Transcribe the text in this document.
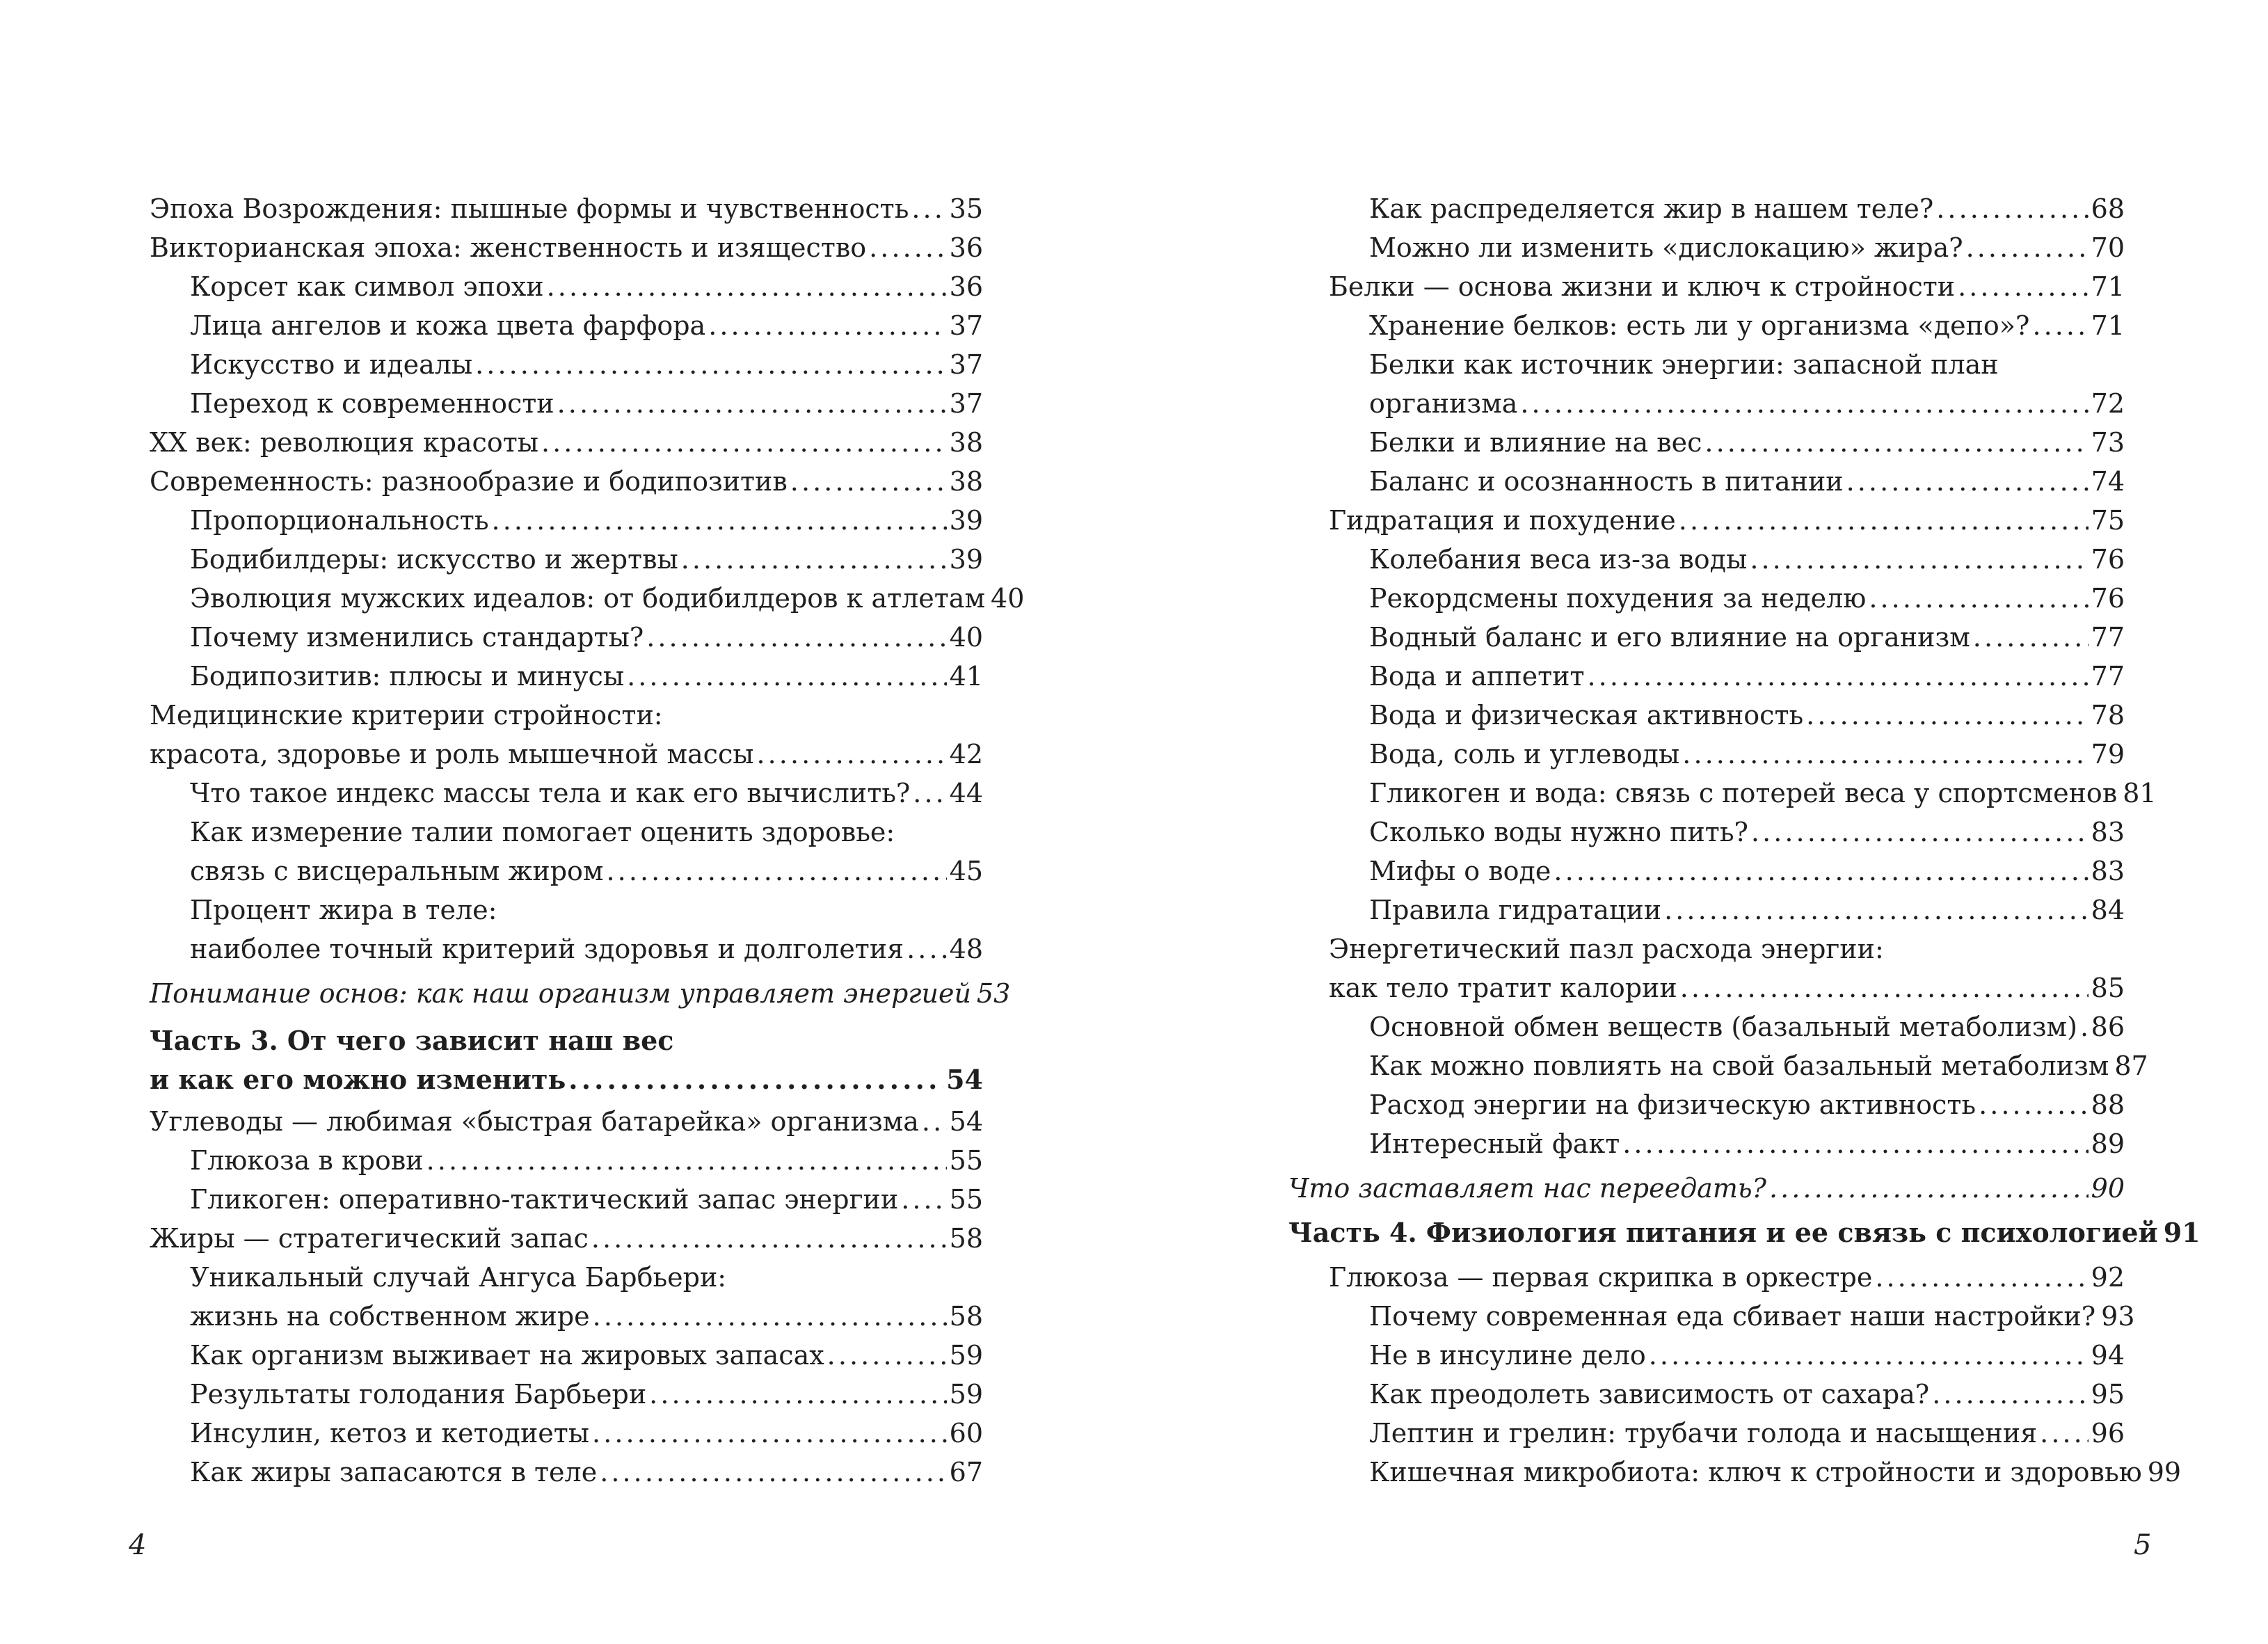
Эпоха Возрождения: пышные формы и чувственность . . . 35
Викторианская эпоха: женственность и изящество . . .	36
Корсет как символ эпохи . . .	36
Лица ангелов и кожа цвета фарфора . . .	37
Искусство и идеалы . . .	37
Переход к современности . . .	37
XX век: революция красоты . . .	38
Современность: разнообразие и бодипозитив . . .	38
Пропорциональность . . .	39
Бодибилдеры: искусство и жертвы . . .	39
Эволюция мужских идеалов: от бодибилдеров к атлетам 40
Почему изменились стандарты? . . .	40
Бодипозитив: плюсы и минусы . . .	41
Медицинские критерии стройности:
красота, здоровье и роль мышечной массы . . .	42
Что такое индекс массы тела и как его вычислить? . . . 44
Как измерение талии помогает оценить здоровье:
связь с висцеральным жиром . . .	45
Процент жира в теле:
наиболее точный критерий здоровья и долголетия . . . 48
Понимание основ: как наш организм управляет энергией 53
Часть 3. От чего зависит наш вес
и как его можно изменить . . .	54
Углеводы — любимая «быстрая батарейка» организма . . . 54
Глюкоза в крови . . .	55
Гликоген: оперативно-тактический запас энергии . . . 55
Жиры — стратегический запас . . .	58
Уникальный случай Ангуса Барбьери:
жизнь на собственном жире . . .	58
Как организм выживает на жировых запасах . . .	59
Результаты голодания Барбьери . . .	59
Инсулин, кетоз и кетодиеты . . .	60
Как жиры запасаются в теле . . .	67
4
Как распределяется жир в нашем теле? . . .	68
Можно ли изменить «дислокацию» жира? . . .	70
Белки — основа жизни и ключ к стройности . . .	71
Хранение белков: есть ли у организма «депо»? . . . 71
Белки как источник энергии: запасной план
организма . . .	72
Белки и влияние на вес . . .	73
Баланс и осознанность в питании . . .	74
Гидратация и похудение . . .	75
Колебания веса из-за воды . . .	76
Рекордсмены похудения за неделю . . .	76
Водный баланс и его влияние на организм . . .	77
Вода и аппетит . . .	77
Вода и физическая активность . . .	78
Вода, соль и углеводы . . .	79
Гликоген и вода: связь с потерей веса у спортсменов 81
Сколько воды нужно пить? . . .	83
Мифы о воде . . .	83
Правила гидратации . . .	84
Энергетический пазл расхода энергии:
как тело тратит калории . . .	85
Основной обмен веществ (базальный метаболизм) . . . 86
Как можно повлиять на свой базальный метаболизм 87
Расход энергии на физическую активность . . .	88
Интересный факт . . .	89
Что заставляет нас переедать? . . .	90
Часть 4. Физиология питания и ее связь с психологией 91
Глюкоза — первая скрипка в оркестре . . .	92
Почему современная еда сбивает наши настройки? 93
Не в инсулине дело . . .	94
Как преодолеть зависимость от сахара? . . .	95
Лептин и грелин: трубачи голода и насыщения . . . 96
Кишечная микробиота: ключ к стройности и здоровью 99
5
